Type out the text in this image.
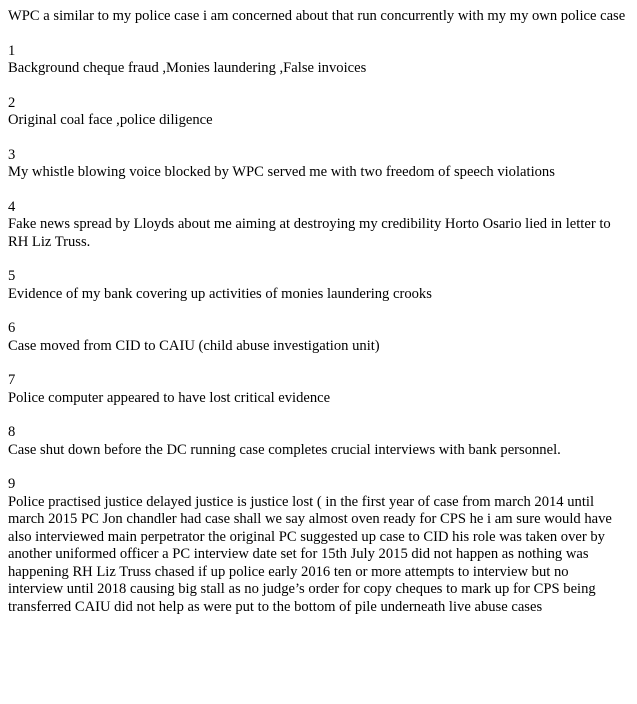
WPC a similar to my police case i am concerned about that run concurrently with my my own police case

1
Background cheque fraud ,Monies laundering ,False invoices
2
Original coal face ,police diligence
3
My whistle blowing voice blocked by WPC served me with two freedom of speech violations
4
Fake news spread by Lloyds about me aiming at destroying my credibility Horto Osario lied in letter to RH Liz Truss.
5
Evidence of my bank covering up activities of monies laundering crooks
6
Case moved from CID to CAIU (child abuse investigation unit)
7
Police computer appeared to have lost critical evidence
8
Case shut down before the DC running case completes crucial interviews with bank personnel.
9
Police practised justice delayed justice is justice lost ( in the first year of case from march 2014 until march 2015 PC Jon chandler had case shall we say almost oven ready for CPS he i am sure would have also interviewed main perpetrator the original PC suggested up case to CID his role was taken over by another uniformed officer a PC interview date set for 15th July 2015 did not happen as nothing was happening RH Liz Truss chased if up police early 2016 ten or more attempts to interview but no interview until 2018 causing big stall as no judge’s order for copy cheques to mark up for CPS being transferred CAIU did not help as were put to the bottom of pile underneath live abuse cases
